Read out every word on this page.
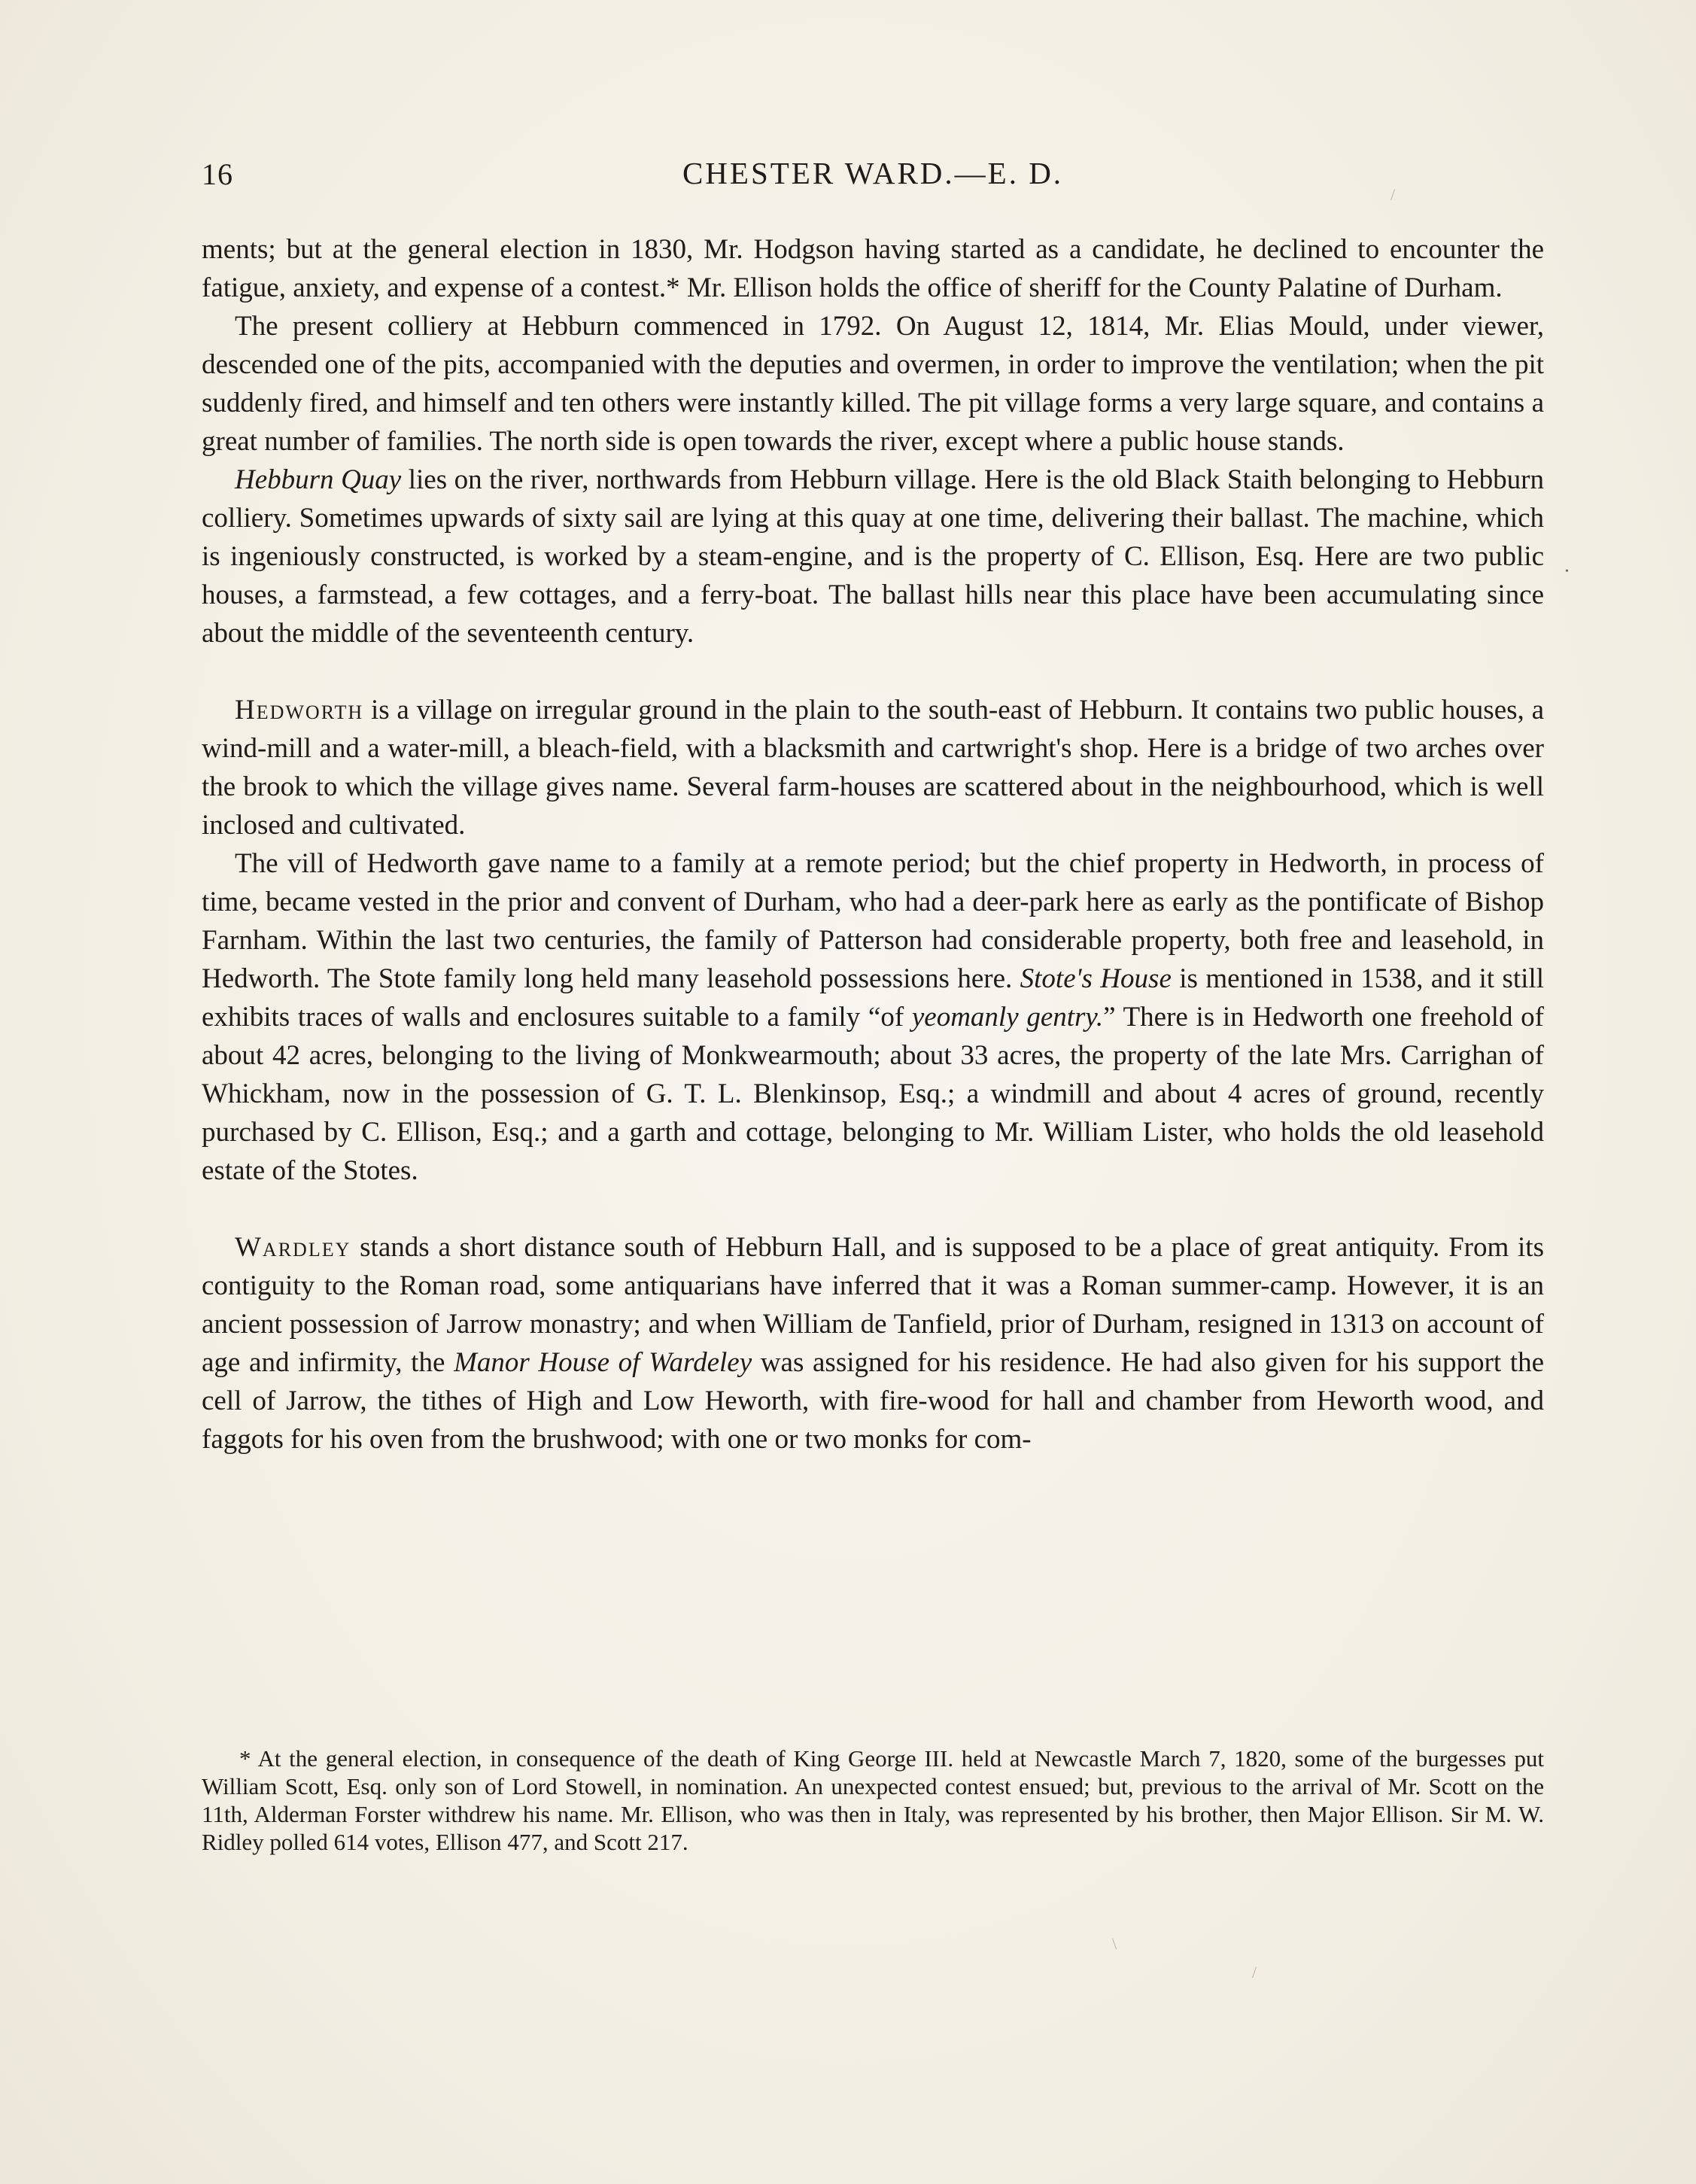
16	CHESTER WARD.—E. D.

ments; but at the general election in 1830, Mr. Hodgson having started as a candidate, he declined to encounter the fatigue, anxiety, and expense of a contest.* Mr. Ellison holds the office of sheriff for the County Palatine of Durham.

The present colliery at Hebburn commenced in 1792. On August 12, 1814, Mr. Elias Mould, under viewer, descended one of the pits, accompanied with the deputies and overmen, in order to improve the ventilation; when the pit suddenly fired, and himself and ten others were instantly killed. The pit village forms a very large square, and contains a great number of families. The north side is open towards the river, except where a public house stands.

Hebburn Quay lies on the river, northwards from Hebburn village. Here is the old Black Staith belonging to Hebburn colliery. Sometimes upwards of sixty sail are lying at this quay at one time, delivering their ballast. The machine, which is ingeniously constructed, is worked by a steam-engine, and is the property of C. Ellison, Esq. Here are two public houses, a farmstead, a few cottages, and a ferry-boat. The ballast hills near this place have been accumulating since about the middle of the seventeenth century.

Hedworth is a village on irregular ground in the plain to the south-east of Hebburn. It contains two public houses, a wind-mill and a water-mill, a bleach-field, with a blacksmith and cartwright's shop. Here is a bridge of two arches over the brook to which the village gives name. Several farm-houses are scattered about in the neighbourhood, which is well inclosed and cultivated.

The vill of Hedworth gave name to a family at a remote period; but the chief property in Hedworth, in process of time, became vested in the prior and convent of Durham, who had a deer-park here as early as the pontificate of Bishop Farnham. Within the last two centuries, the family of Patterson had considerable property, both free and leasehold, in Hedworth. The Stote family long held many leasehold possessions here. Stote's House is mentioned in 1538, and it still exhibits traces of walls and enclosures suitable to a family “of yeomanly gentry.” There is in Hedworth one freehold of about 42 acres, belonging to the living of Monkwearmouth; about 33 acres, the property of the late Mrs. Carrighan of Whickham, now in the possession of G. T. L. Blenkinsop, Esq.; a windmill and about 4 acres of ground, recently purchased by C. Ellison, Esq.; and a garth and cottage, belonging to Mr. William Lister, who holds the old leasehold estate of the Stotes.

Wardley stands a short distance south of Hebburn Hall, and is supposed to be a place of great antiquity. From its contiguity to the Roman road, some antiquarians have inferred that it was a Roman summer-camp. However, it is an ancient possession of Jarrow monastry; and when William de Tanfield, prior of Durham, resigned in 1313 on account of age and infirmity, the Manor House of Wardeley was assigned for his residence. He had also given for his support the cell of Jarrow, the tithes of High and Low Heworth, with fire-wood for hall and chamber from Heworth wood, and faggots for his oven from the brushwood; with one or two monks for com-

* At the general election, in consequence of the death of King George III. held at Newcastle March 7, 1820, some of the burgesses put William Scott, Esq. only son of Lord Stowell, in nomination. An unexpected contest ensued; but, previous to the arrival of Mr. Scott on the 11th, Alderman Forster withdrew his name. Mr. Ellison, who was then in Italy, was represented by his brother, then Major Ellison. Sir M. W. Ridley polled 614 votes, Ellison 477, and Scott 217.

/
•
\
/
